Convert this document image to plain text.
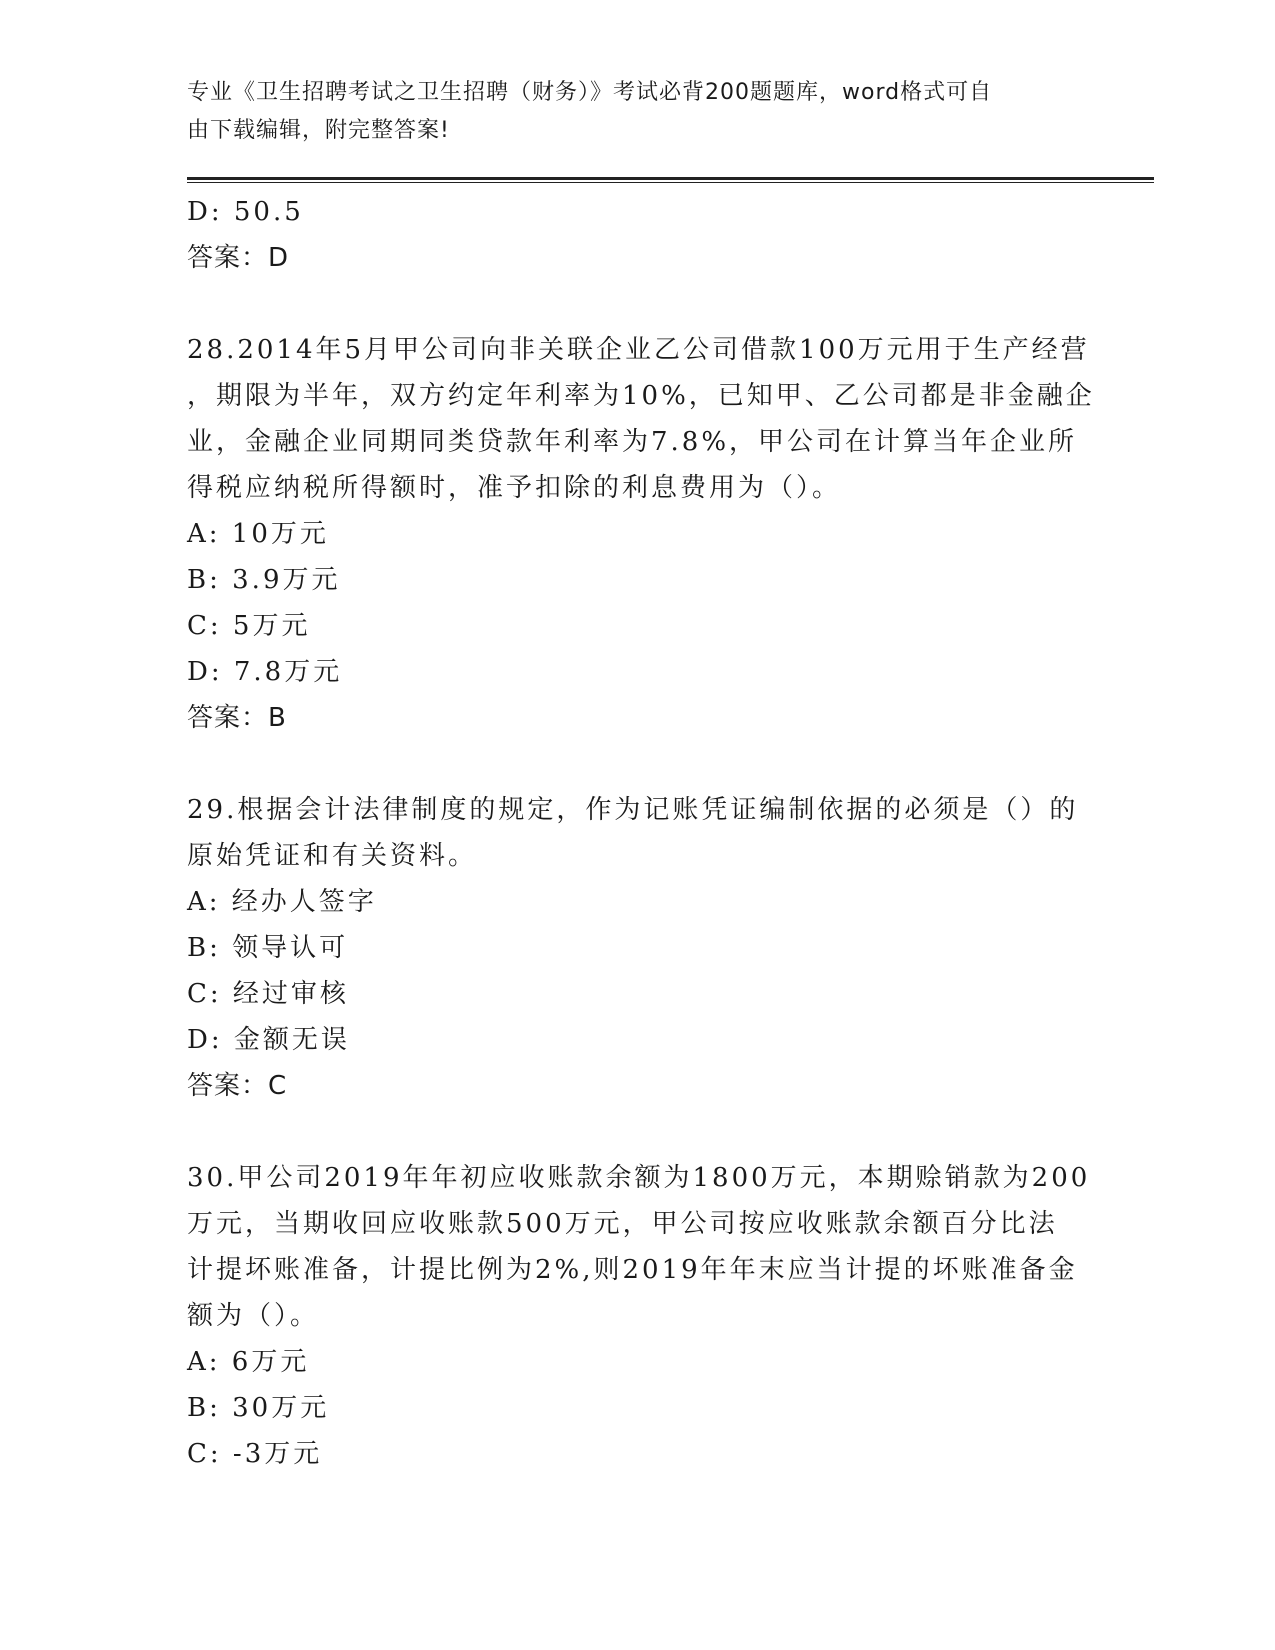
专业《卫生招聘考试之卫生招聘（财务）》考试必背200题题库，word格式可自
由下载编辑，附完整答案!
D: 50.5
答案：D
28.2014年5月甲公司向非关联企业乙公司借款100万元用于生产经营
，期限为半年，双方约定年利率为10%，已知甲、乙公司都是非金融企
业，金融企业同期同类贷款年利率为7.8%，甲公司在计算当年企业所
得税应纳税所得额时，准予扣除的利息费用为（）。
A: 10万元
B: 3.9万元
C: 5万元
D: 7.8万元
答案：B
29.根据会计法律制度的规定，作为记账凭证编制依据的必须是（）的
原始凭证和有关资料。
A: 经办人签字
B: 领导认可
C: 经过审核
D: 金额无误
答案：C
30.甲公司2019年年初应收账款余额为1800万元，本期赊销款为200
万元，当期收回应收账款500万元，甲公司按应收账款余额百分比法
计提坏账准备，计提比例为2%,则2019年年末应当计提的坏账准备金
额为（）。
A: 6万元
B: 30万元
C: -3万元
